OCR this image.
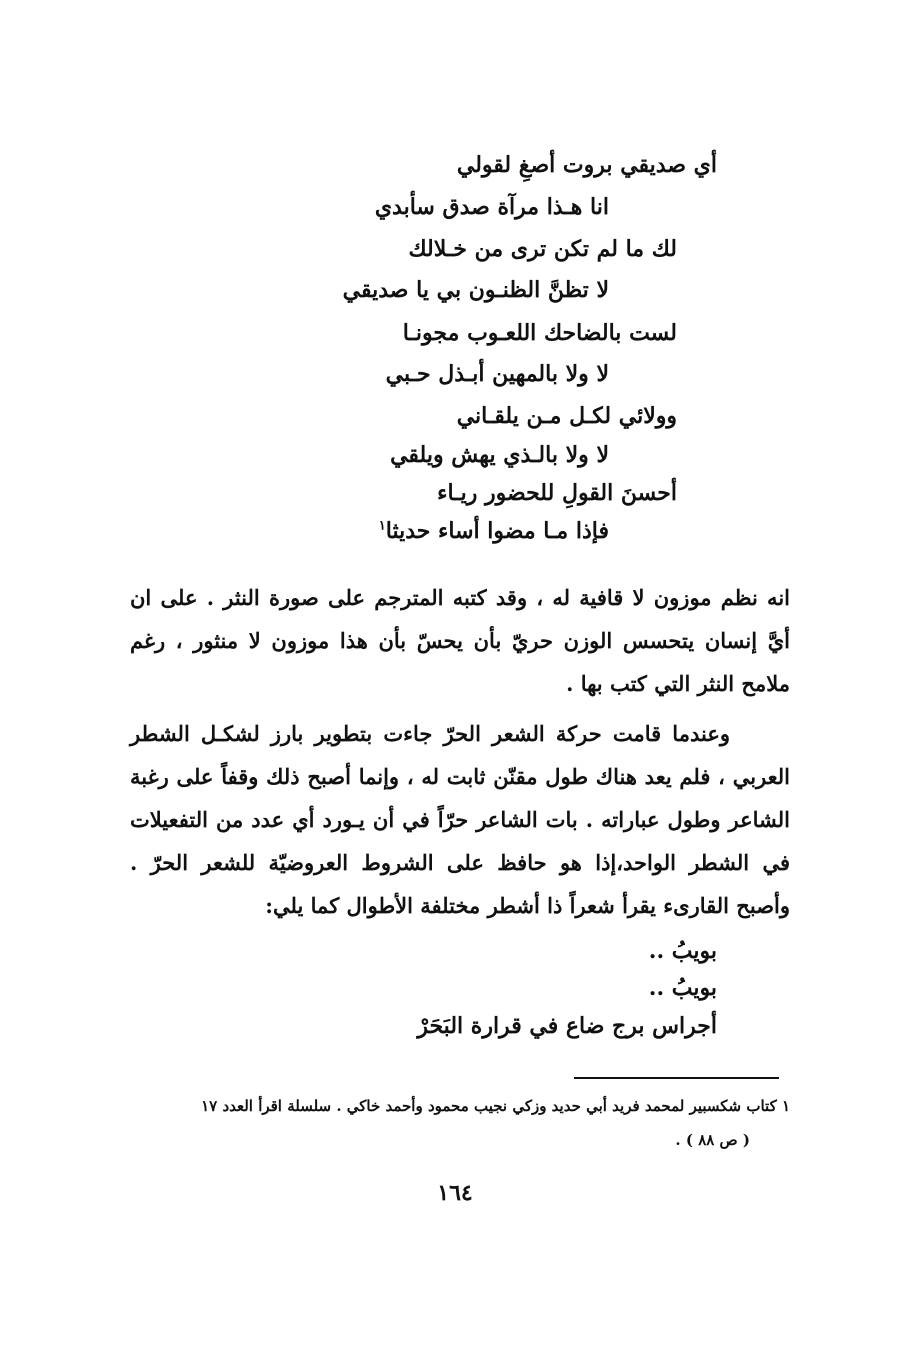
أي صديقي بروت أصغِ لقولي
انا هـذا مرآة صدق سأبدي
لك ما لم تكن ترى من خـلالك
لا تظنَّ الظنـون بي يا صديقي
لست بالضاحك اللعـوب مجونـا
لا ولا بالمهين أبـذل حـبي
وولائي لكـل مـن يلقـاني
لا ولا بالـذي يهش ويلقي
أحسنَ القولِ للحضور ريـاء
فإذا مـا مضوا أساء حديثا$^١$

انه نظم موزون لا قافية له ، وقد كتبه المترجم على صورة النثر . على ان أيَّ إنسان يتحسس الوزن حريّ بأن يحسّ بأن هذا موزون لا منثور ، رغم ملامح النثر التي كتب بها .

وعندما قامت حركة الشعر الحرّ جاءت بتطوير بارز لشكـل الشطر العربي ، فلم يعد هناك طول مقنّن ثابت له ، وإنما أصبح ذلك وقفاً على رغبة الشاعر وطول عباراته . بات الشاعر حرّاً في أن يـورد أي عدد من التفعيلات في الشطر الواحد،إذا هو حافظ على الشروط العروضيّة للشعر الحرّ . وأصبح القارىء يقرأ شعراً ذا أشطر مختلفة الأطوال كما يلي:

بويبُ ..
بويبُ ..
أجراس برج ضاع في قرارة البَحَرْ
١ كتاب شكسبير لمحمد فريد أبي حديد وزكي نجيب محمود وأحمد خاكي . سلسلة اقرأ العدد ١٧
( ص ٨٨ ) .
١٦٤
